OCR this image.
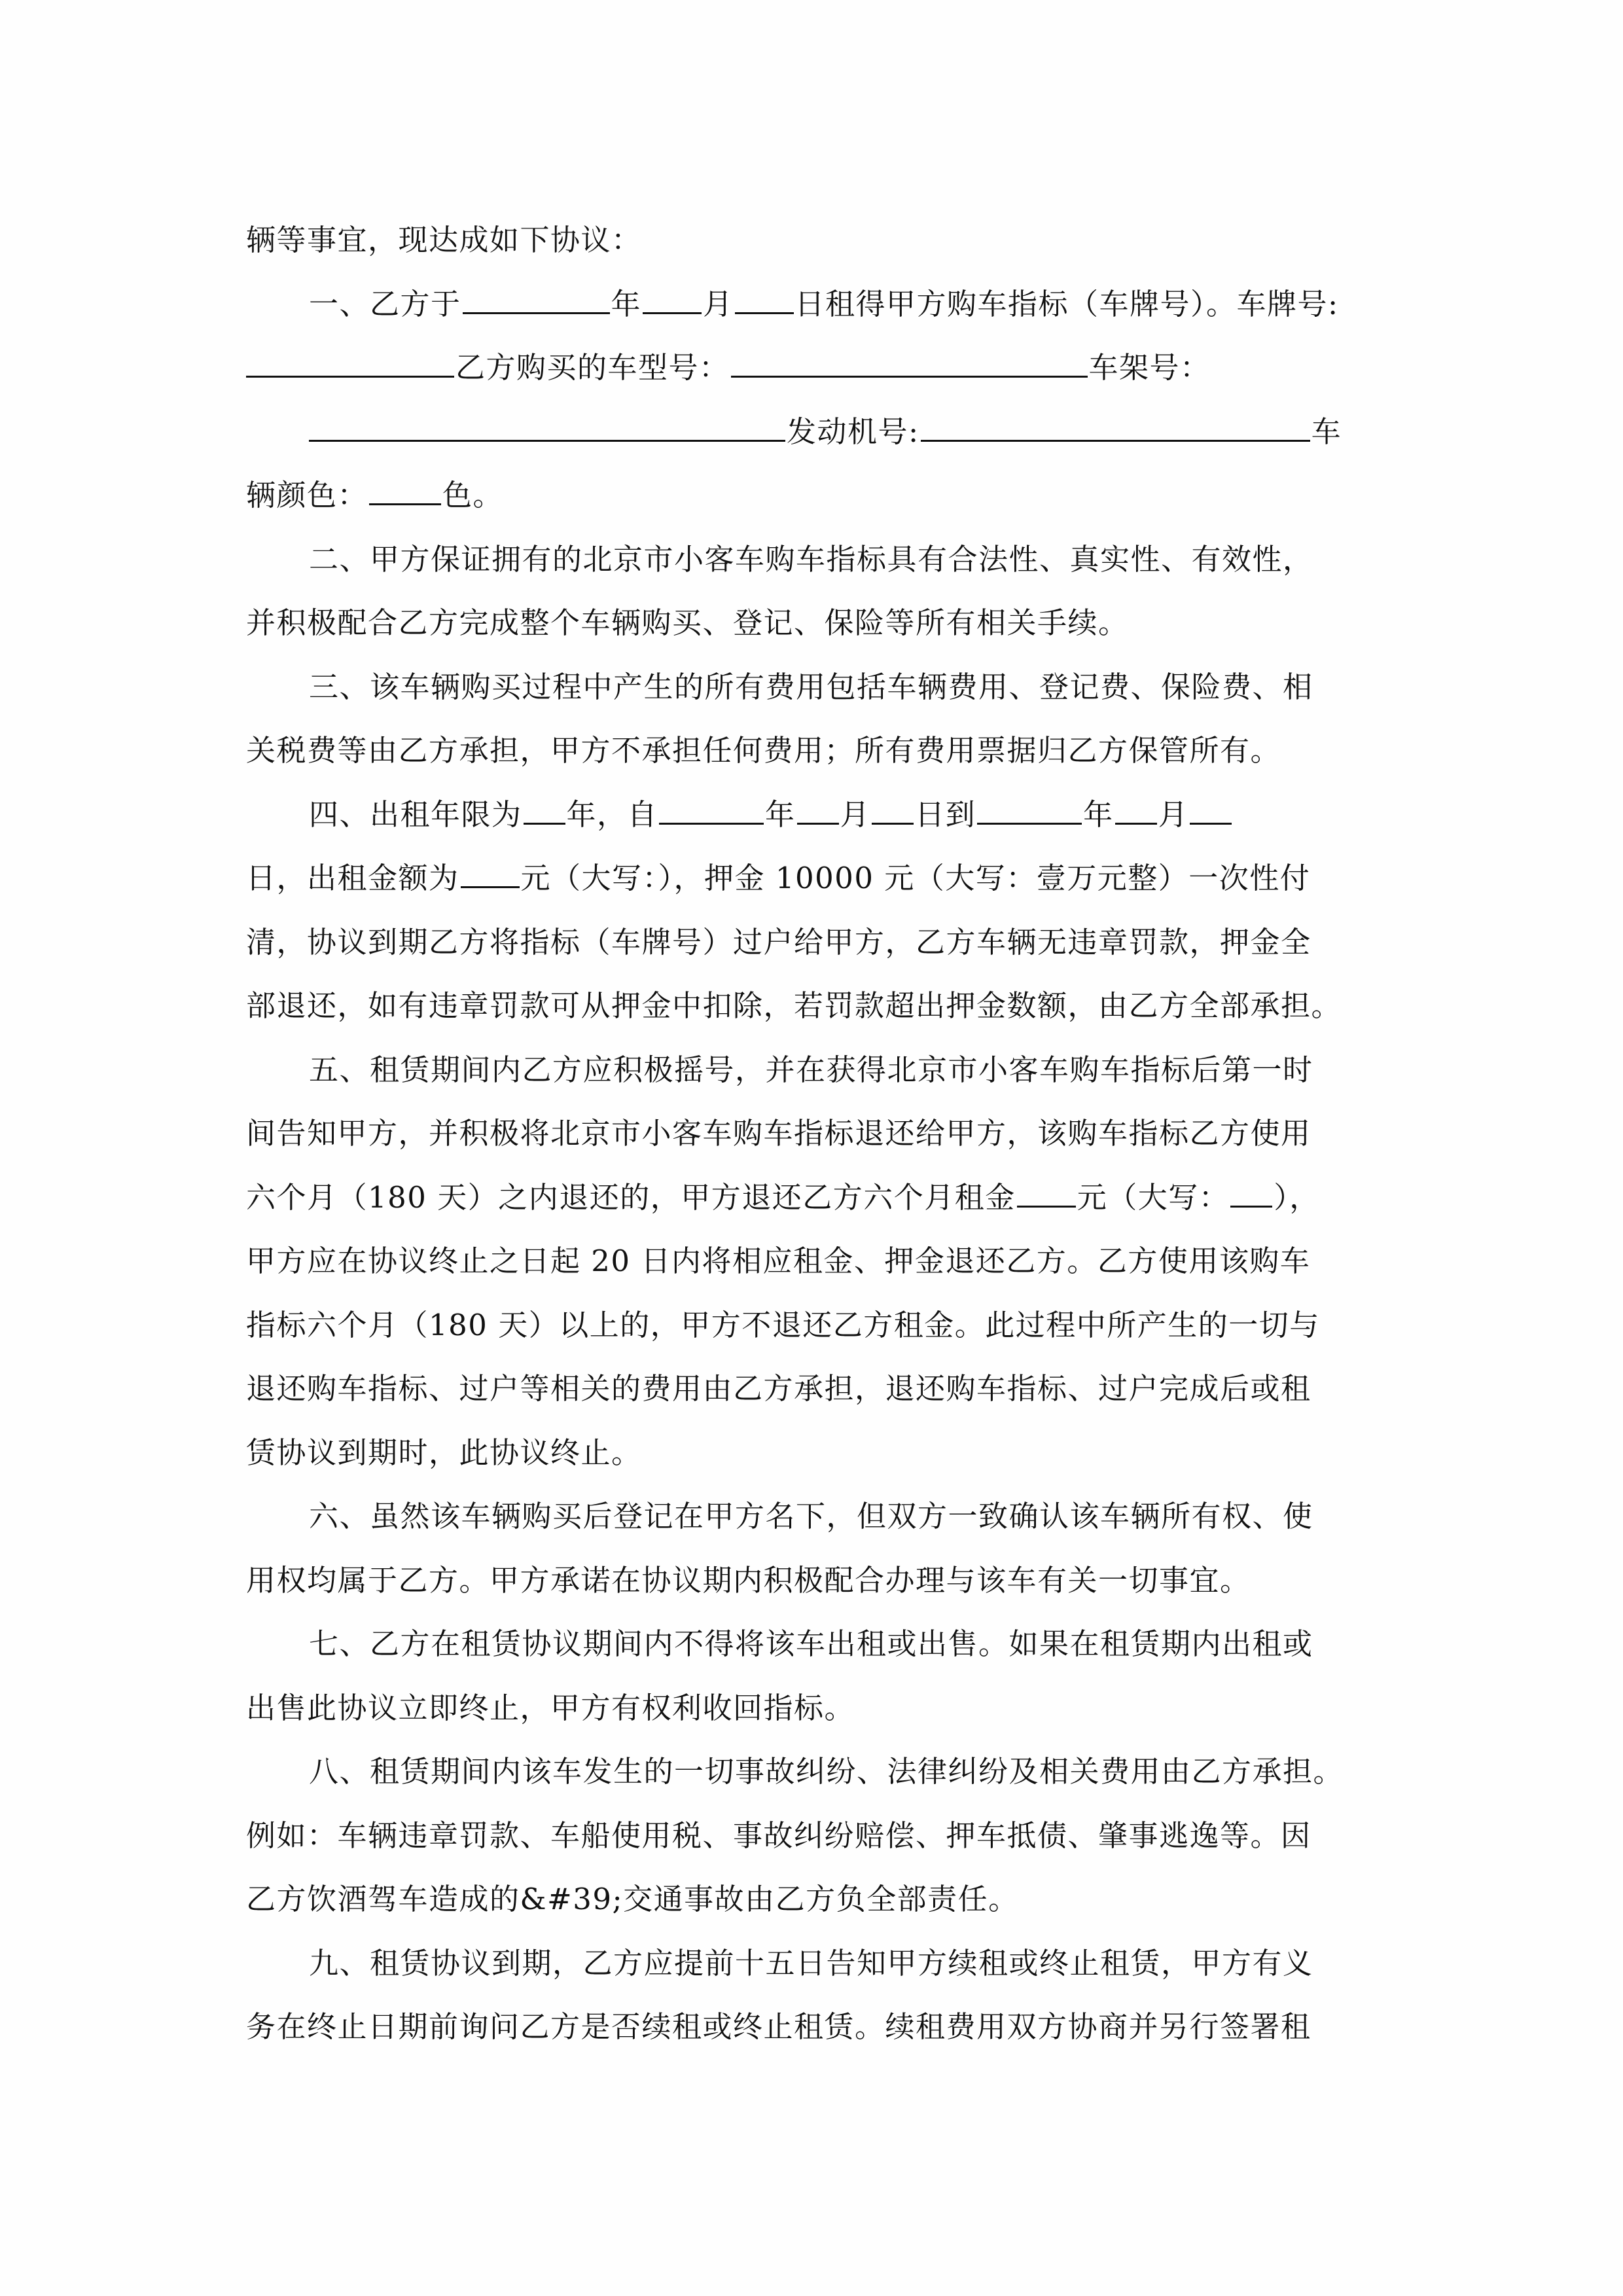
辆等事宜，现达成如下协议：
一、乙方于	年 月 日租得甲方购车指标（车牌号）。车牌号:
乙方购买的车型号：	车架号：
发动机号:	车
辆颜色：	色。
二、甲方保证拥有的北京市小客车购车指标具有合法性、真实性、有效性，
并积极配合乙方完成整个车辆购买、登记、保险等所有相关手续。
三、该车辆购买过程中产生的所有费用包括车辆费用、登记费、保险费、相
关税费等由乙方承担，甲方不承担任何费用；所有费用票据归乙方保管所有。
四、出租年限为 年，自	年 月 日到	年 月
日，出租金额为 元（大写：），押金 10000 元（大写：壹万元整）一次性付
清，协议到期乙方将指标（车牌号）过户给甲方，乙方车辆无违章罚款，押金全
部退还，如有违章罚款可从押金中扣除，若罚款超出押金数额，由乙方全部承担。
五、租赁期间内乙方应积极摇号，并在获得北京市小客车购车指标后第一时
间告知甲方，并积极将北京市小客车购车指标退还给甲方，该购车指标乙方使用
六个月（180 天）之内退还的，甲方退还乙方六个月租金 元（大写： ），
甲方应在协议终止之日起 20 日内将相应租金、押金退还乙方。乙方使用该购车
指标六个月（180 天）以上的，甲方不退还乙方租金。此过程中所产生的一切与
退还购车指标、过户等相关的费用由乙方承担，退还购车指标、过户完成后或租
赁协议到期时，此协议终止。
六、虽然该车辆购买后登记在甲方名下，但双方一致确认该车辆所有权、使
用权均属于乙方。甲方承诺在协议期内积极配合办理与该车有关一切事宜。
七、乙方在租赁协议期间内不得将该车出租或出售。如果在租赁期内出租或
出售此协议立即终止，甲方有权利收回指标。
八、租赁期间内该车发生的一切事故纠纷、法律纠纷及相关费用由乙方承担。
例如：车辆违章罚款、车船使用税、事故纠纷赔偿、押车抵债、肇事逃逸等。因
乙方饮酒驾车造成的&#39;交通事故由乙方负全部责任。
九、租赁协议到期，乙方应提前十五日告知甲方续租或终止租赁，甲方有义
务在终止日期前询问乙方是否续租或终止租赁。续租费用双方协商并另行签署租
